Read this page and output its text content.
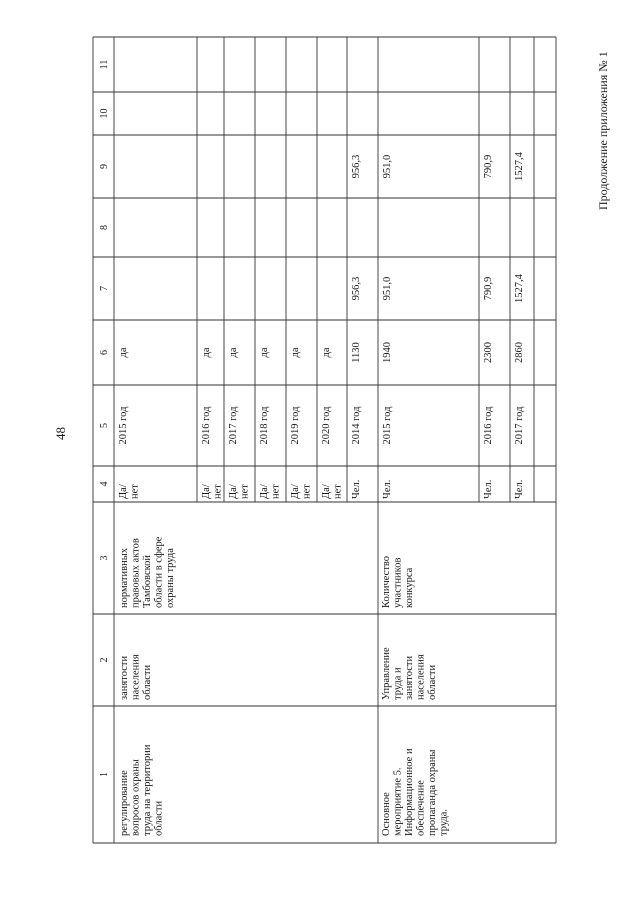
48
Продолжение приложения № 1
1
2
3
4
5
6
7
8
9
10
11
регулирование вопросов охраны труда на территории области
занятости населения области
нормативных правовых актов Тамбовской области в сфере охраны труда
Основное мероприятие 5. Информационное и обеспечение пропаганда охраны труда.
Управление труда и занятости населения области
Количество участников конкурса
Да/ нет
2015 год
да
Да/ нет
2016 год
да
Да/ нет
2017 год
да
Да/ нет
2018 год
да
Да/ нет
2019 год
да
Да/ нет
2020 год
да
Чел.
2014 год
1130
956,3
956,3
Чел.
2015 год
1940
951,0
951,0
Чел.
2016 год
2300
790,9
790,9
Чел.
2017 год
2860
1527,4
1527,4
